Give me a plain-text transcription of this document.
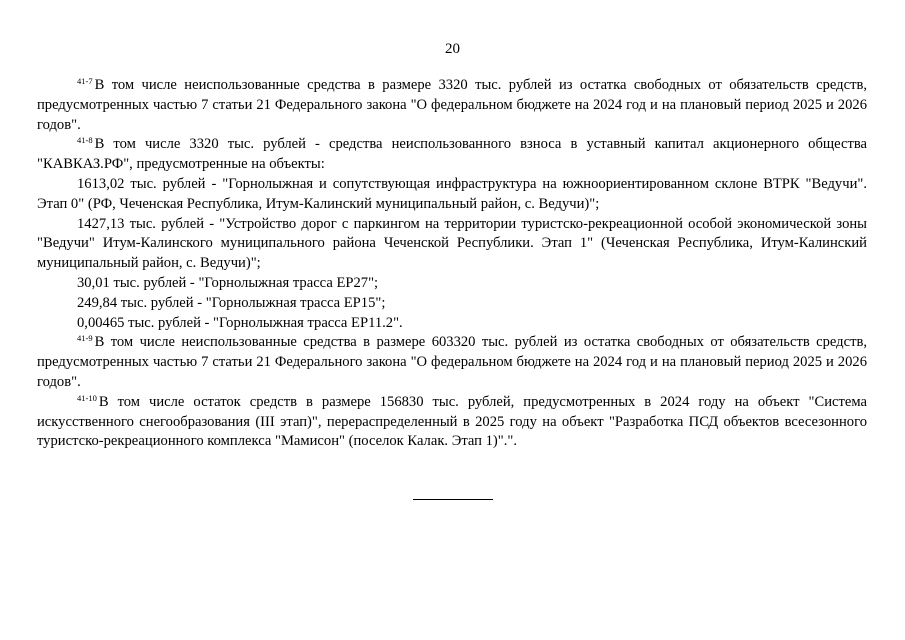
20

$^{41-7}$ В том числе неиспользованные средства в размере 3320 тыс. рублей из остатка свободных от обязательств средств, предусмотренных частью 7 статьи 21 Федерального закона "О федеральном бюджете на 2024 год и на плановый период 2025 и 2026 годов".

$^{41-8}$ В том числе 3320 тыс. рублей - средства неиспользованного взноса в уставный капитал акционерного общества "КАВКАЗ.РФ", предусмотренные на объекты:

1613,02 тыс. рублей - "Горнолыжная и сопутствующая инфраструктура на южноориентированном склоне ВТРК "Ведучи". Этап 0" (РФ, Чеченская Республика, Итум-Калинский муниципальный район, с. Ведучи)";

1427,13 тыс. рублей - "Устройство дорог с паркингом на территории туристско-рекреационной особой экономической зоны "Ведучи" Итум-Калинского муниципального района Чеченской Республики. Этап 1" (Чеченская Республика, Итум-Калинский муниципальный район, с. Ведучи)";

30,01 тыс. рублей - "Горнолыжная трасса ЕР27";

249,84 тыс. рублей - "Горнолыжная трасса ЕР15";

0,00465 тыс. рублей - "Горнолыжная трасса ЕР11.2".

$^{41-9}$ В том числе неиспользованные средства в размере 603320 тыс. рублей из остатка свободных от обязательств средств, предусмотренных частью 7 статьи 21 Федерального закона "О федеральном бюджете на 2024 год и на плановый период 2025 и 2026 годов".

$^{41-10}$ В том числе остаток средств в размере 156830 тыс. рублей, предусмотренных в 2024 году на объект "Система искусственного снегообразования (III этап)", перераспределенный в 2025 году на объект "Разработка ПСД объектов всесезонного туристско-рекреационного комплекса "Мамисон" (поселок Калак. Этап 1)".".
